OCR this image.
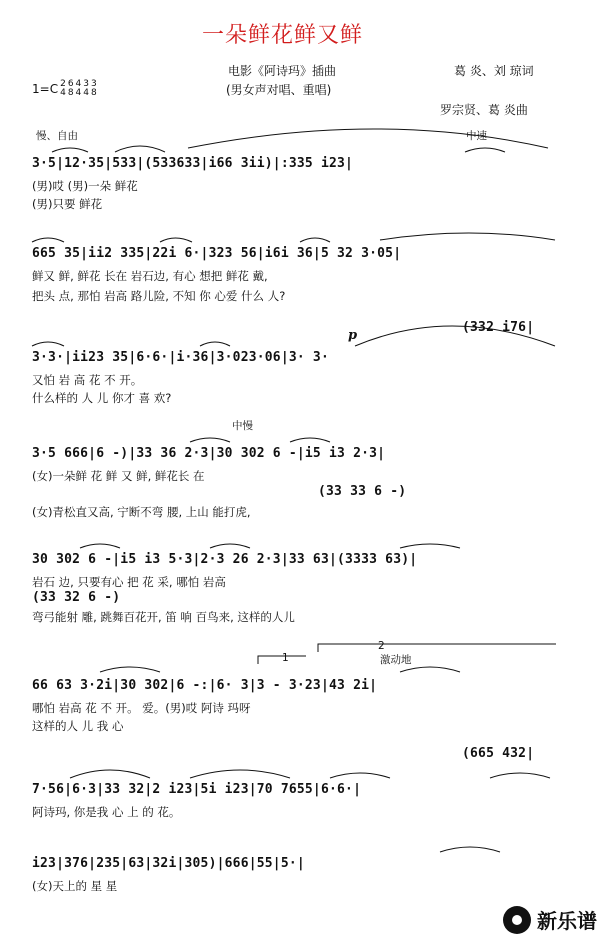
一朵鲜花鲜又鲜
电影《阿诗玛》插曲
(男女声对唱、重唱)
1=C 2
4
6
8
4
4
3
4
3
8
葛 炎、刘 琼词
罗宗贤、葛 炎曲
慢、自由	中速
中慢
激动地
p
1
2
3·5|12·35|533|(533633|i66 3ii)|:335 i23|
(男)哎 (男)一朵 鲜花
(男)只要 鲜花
665 35|ii2 335|22i 6·|323 56|i6i 36|5 32 3·05|
鲜又 鲜, 鲜花 长在 岩石边, 有心 想把 鲜花 戴,
把头 点, 那怕 岩高 路儿险, 不知 你 心爱 什么 人?
(332 i76|
3·3·|ii23 35|6·6·|i·36|3·023·06|3· 3·
又怕 岩 高 花 不 开。
什么样的 人 儿 你才 喜 欢?
3·5 666|6 -)|33 36 2·3|30 302 6 -|i5 i3 2·3|
(女)一朵鲜 花 鲜 又 鲜, 鲜花长 在
(33 33 6 -)
(女)青松直又高, 宁断不弯 腰, 上山 能打虎,
30 302 6 -|i5 i3 5·3|2·3 26 2·3|33 63|(3333 63)|
岩石 边, 只要有心 把 花 采, 哪怕 岩高
(33 32 6 -)
弯弓能射 雕, 跳舞百花开, 笛 响 百鸟来, 这样的人儿
66 63 3·2i|30 302|6 -:|6· 3|3 - 3·23|43 2i|
哪怕 岩高 花 不 开。 爱。(男)哎 阿诗 玛呀
这样的人 儿 我 心
(665 432|
7·56|6·3|33 32|2 i23|5i i23|70 7655|6·6·|
阿诗玛, 你是我 心 上 的 花。
i23|376|235|63|32i|305)|666|55|5·|
(女)天上的 星 星
新乐谱
